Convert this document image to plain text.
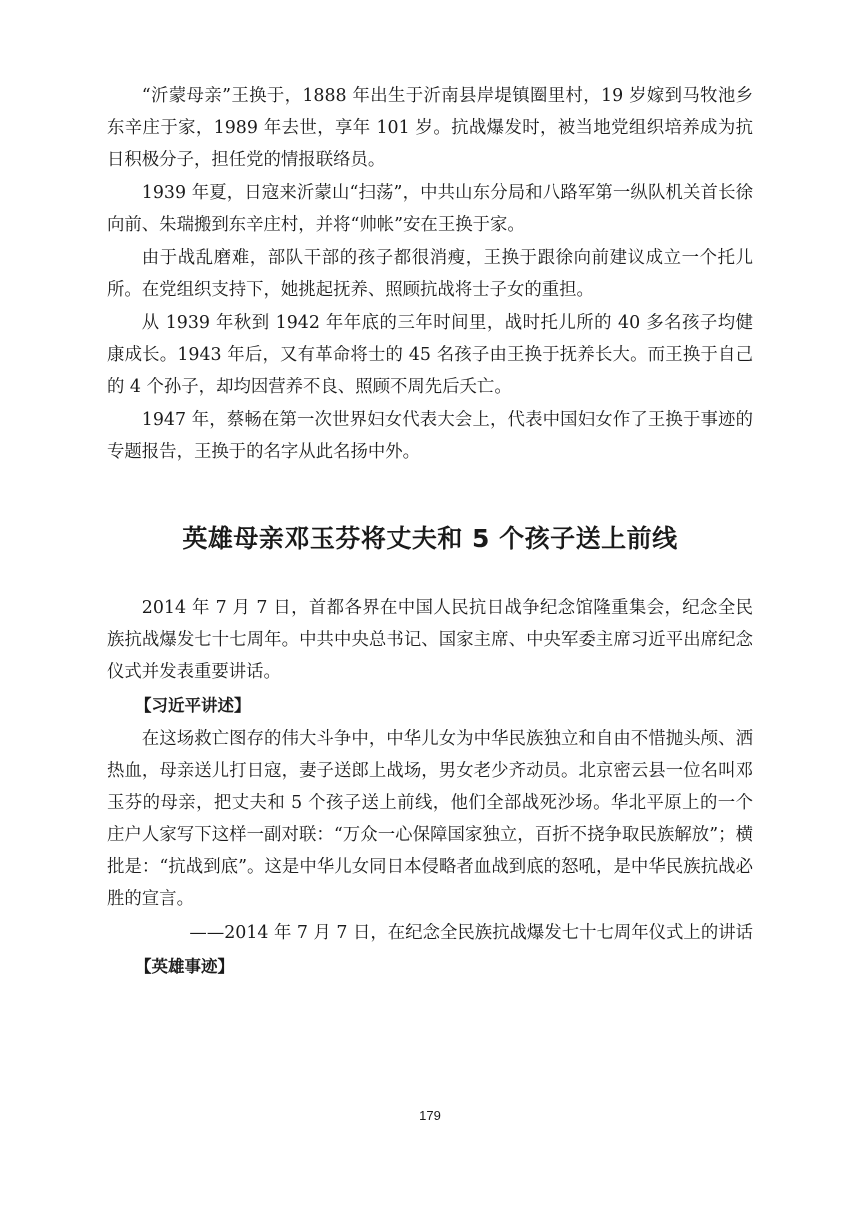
“沂蒙母亲”王换于，1888 年出生于沂南县岸堤镇圈里村，19 岁嫁到马牧池乡东辛庄于家，1989 年去世，享年 101 岁。抗战爆发时，被当地党组织培养成为抗日积极分子，担任党的情报联络员。

1939 年夏，日寇来沂蒙山“扫荡”，中共山东分局和八路军第一纵队机关首长徐向前、朱瑞搬到东辛庄村，并将“帅帐”安在王换于家。

由于战乱磨难，部队干部的孩子都很消瘦，王换于跟徐向前建议成立一个托儿所。在党组织支持下，她挑起抚养、照顾抗战将士子女的重担。

从 1939 年秋到 1942 年年底的三年时间里，战时托儿所的 40 多名孩子均健康成长。1943 年后，又有革命将士的 45 名孩子由王换于抚养长大。而王换于自己的 4 个孙子，却均因营养不良、照顾不周先后夭亡。

1947 年，蔡畅在第一次世界妇女代表大会上，代表中国妇女作了王换于事迹的专题报告，王换于的名字从此名扬中外。

英雄母亲邓玉芬将丈夫和 5 个孩子送上前线

2014 年 7 月 7 日，首都各界在中国人民抗日战争纪念馆隆重集会，纪念全民族抗战爆发七十七周年。中共中央总书记、国家主席、中央军委主席习近平出席纪念仪式并发表重要讲话。

【习近平讲述】

在这场救亡图存的伟大斗争中，中华儿女为中华民族独立和自由不惜抛头颅、洒热血，母亲送儿打日寇，妻子送郎上战场，男女老少齐动员。北京密云县一位名叫邓玉芬的母亲，把丈夫和 5 个孩子送上前线，他们全部战死沙场。华北平原上的一个庄户人家写下这样一副对联：“万众一心保障国家独立，百折不挠争取民族解放”；横批是：“抗战到底”。这是中华儿女同日本侵略者血战到底的怒吼，是中华民族抗战必胜的宣言。

——2014 年 7 月 7 日，在纪念全民族抗战爆发七十七周年仪式上的讲话

【英雄事迹】

179
